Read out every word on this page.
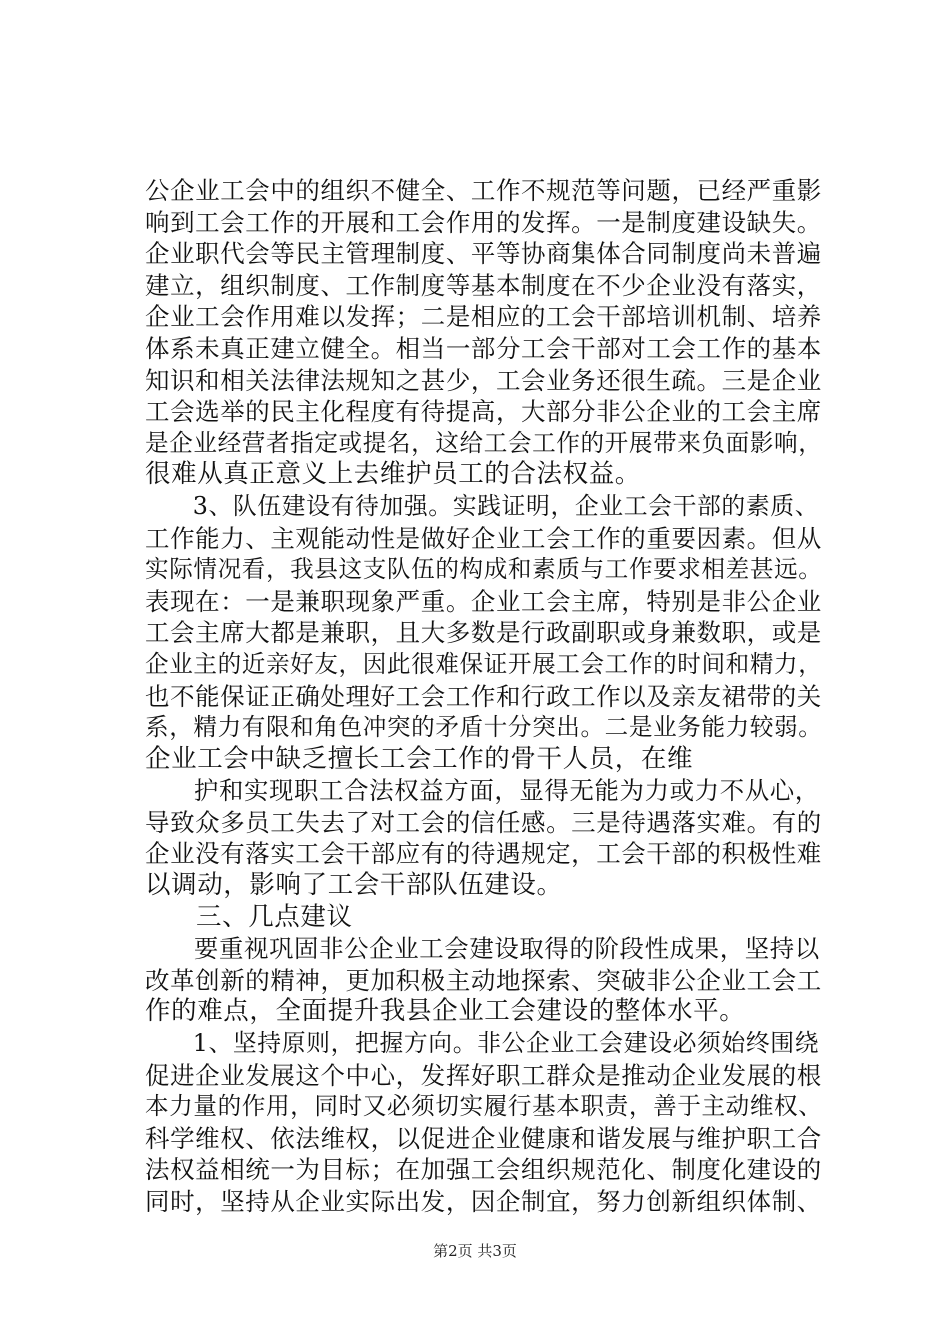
公企业工会中的组织不健全、工作不规范等问题，已经严重影
响到工会工作的开展和工会作用的发挥。一是制度建设缺失。
企业职代会等民主管理制度、平等协商集体合同制度尚未普遍
建立，组织制度、工作制度等基本制度在不少企业没有落实，
企业工会作用难以发挥；二是相应的工会干部培训机制、培养
体系未真正建立健全。相当一部分工会干部对工会工作的基本
知识和相关法律法规知之甚少，工会业务还很生疏。三是企业
工会选举的民主化程度有待提高，大部分非公企业的工会主席
是企业经营者指定或提名，这给工会工作的开展带来负面影响，
很难从真正意义上去维护员工的合法权益。
3、队伍建设有待加强。实践证明，企业工会干部的素质、
工作能力、主观能动性是做好企业工会工作的重要因素。但从
实际情况看，我县这支队伍的构成和素质与工作要求相差甚远。
表现在：一是兼职现象严重。企业工会主席，特别是非公企业
工会主席大都是兼职，且大多数是行政副职或身兼数职，或是
企业主的近亲好友，因此很难保证开展工会工作的时间和精力，
也不能保证正确处理好工会工作和行政工作以及亲友裙带的关
系，精力有限和角色冲突的矛盾十分突出。二是业务能力较弱。
企业工会中缺乏擅长工会工作的骨干人员，在维
护和实现职工合法权益方面，显得无能为力或力不从心，
导致众多员工失去了对工会的信任感。三是待遇落实难。有的
企业没有落实工会干部应有的待遇规定，工会干部的积极性难
以调动，影响了工会干部队伍建设。
三、几点建议
要重视巩固非公企业工会建设取得的阶段性成果，坚持以
改革创新的精神，更加积极主动地探索、突破非公企业工会工
作的难点，全面提升我县企业工会建设的整体水平。
1、坚持原则，把握方向。非公企业工会建设必须始终围绕
促进企业发展这个中心，发挥好职工群众是推动企业发展的根
本力量的作用，同时又必须切实履行基本职责，善于主动维权、
科学维权、依法维权，以促进企业健康和谐发展与维护职工合
法权益相统一为目标；在加强工会组织规范化、制度化建设的
同时，坚持从企业实际出发，因企制宜，努力创新组织体制、
第2页 共3页
